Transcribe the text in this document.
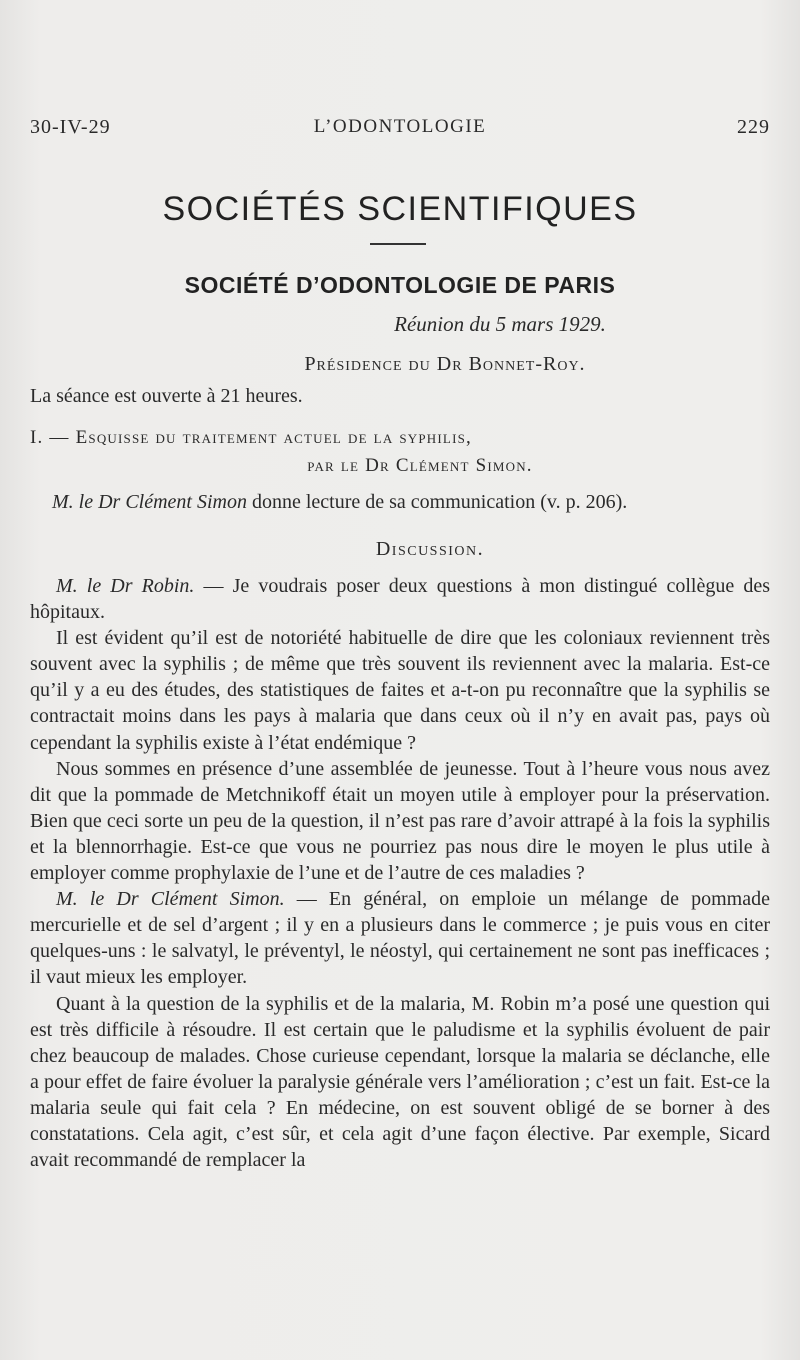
30-IV-29	L’ODONTOLOGIE	229
SOCIÉTÉS SCIENTIFIQUES
SOCIÉTÉ D’ODONTOLOGIE DE PARIS
Réunion du 5 mars 1929.
Présidence du Dr Bonnet-Roy.
La séance est ouverte à 21 heures.
I. — Esquisse du traitement actuel de la syphilis,
par le Dr Clément Simon.
M. le Dr Clément Simon donne lecture de sa communication (v. p. 206).
Discussion.

M. le Dr Robin. — Je voudrais poser deux questions à mon distingué collègue des hôpitaux.

Il est évident qu’il est de notoriété habituelle de dire que les coloniaux reviennent très souvent avec la syphilis ; de même que très souvent ils reviennent avec la malaria. Est-ce qu’il y a eu des études, des statistiques de faites et a-t-on pu reconnaître que la syphilis se contractait moins dans les pays à malaria que dans ceux où il n’y en avait pas, pays où cependant la syphilis existe à l’état endémique ?

Nous sommes en présence d’une assemblée de jeunesse. Tout à l’heure vous nous avez dit que la pommade de Metchnikoff était un moyen utile à employer pour la préservation. Bien que ceci sorte un peu de la question, il n’est pas rare d’avoir attrapé à la fois la syphilis et la blennorrhagie. Est-ce que vous ne pourriez pas nous dire le moyen le plus utile à employer comme prophylaxie de l’une et de l’autre de ces maladies ?

M. le Dr Clément Simon. — En général, on emploie un mélange de pommade mercurielle et de sel d’argent ; il y en a plusieurs dans le commerce ; je puis vous en citer quelques-uns : le salvatyl, le préventyl, le néostyl, qui certainement ne sont pas inefficaces ; il vaut mieux les employer.

Quant à la question de la syphilis et de la malaria, M. Robin m’a posé une question qui est très difficile à résoudre. Il est certain que le paludisme et la syphilis évoluent de pair chez beaucoup de malades. Chose curieuse cependant, lorsque la malaria se déclanche, elle a pour effet de faire évoluer la paralysie générale vers l’amélioration ; c’est un fait. Est-ce la malaria seule qui fait cela ? En médecine, on est souvent obligé de se borner à des constatations. Cela agit, c’est sûr, et cela agit d’une façon élective. Par exemple, Sicard avait recommandé de remplacer la
